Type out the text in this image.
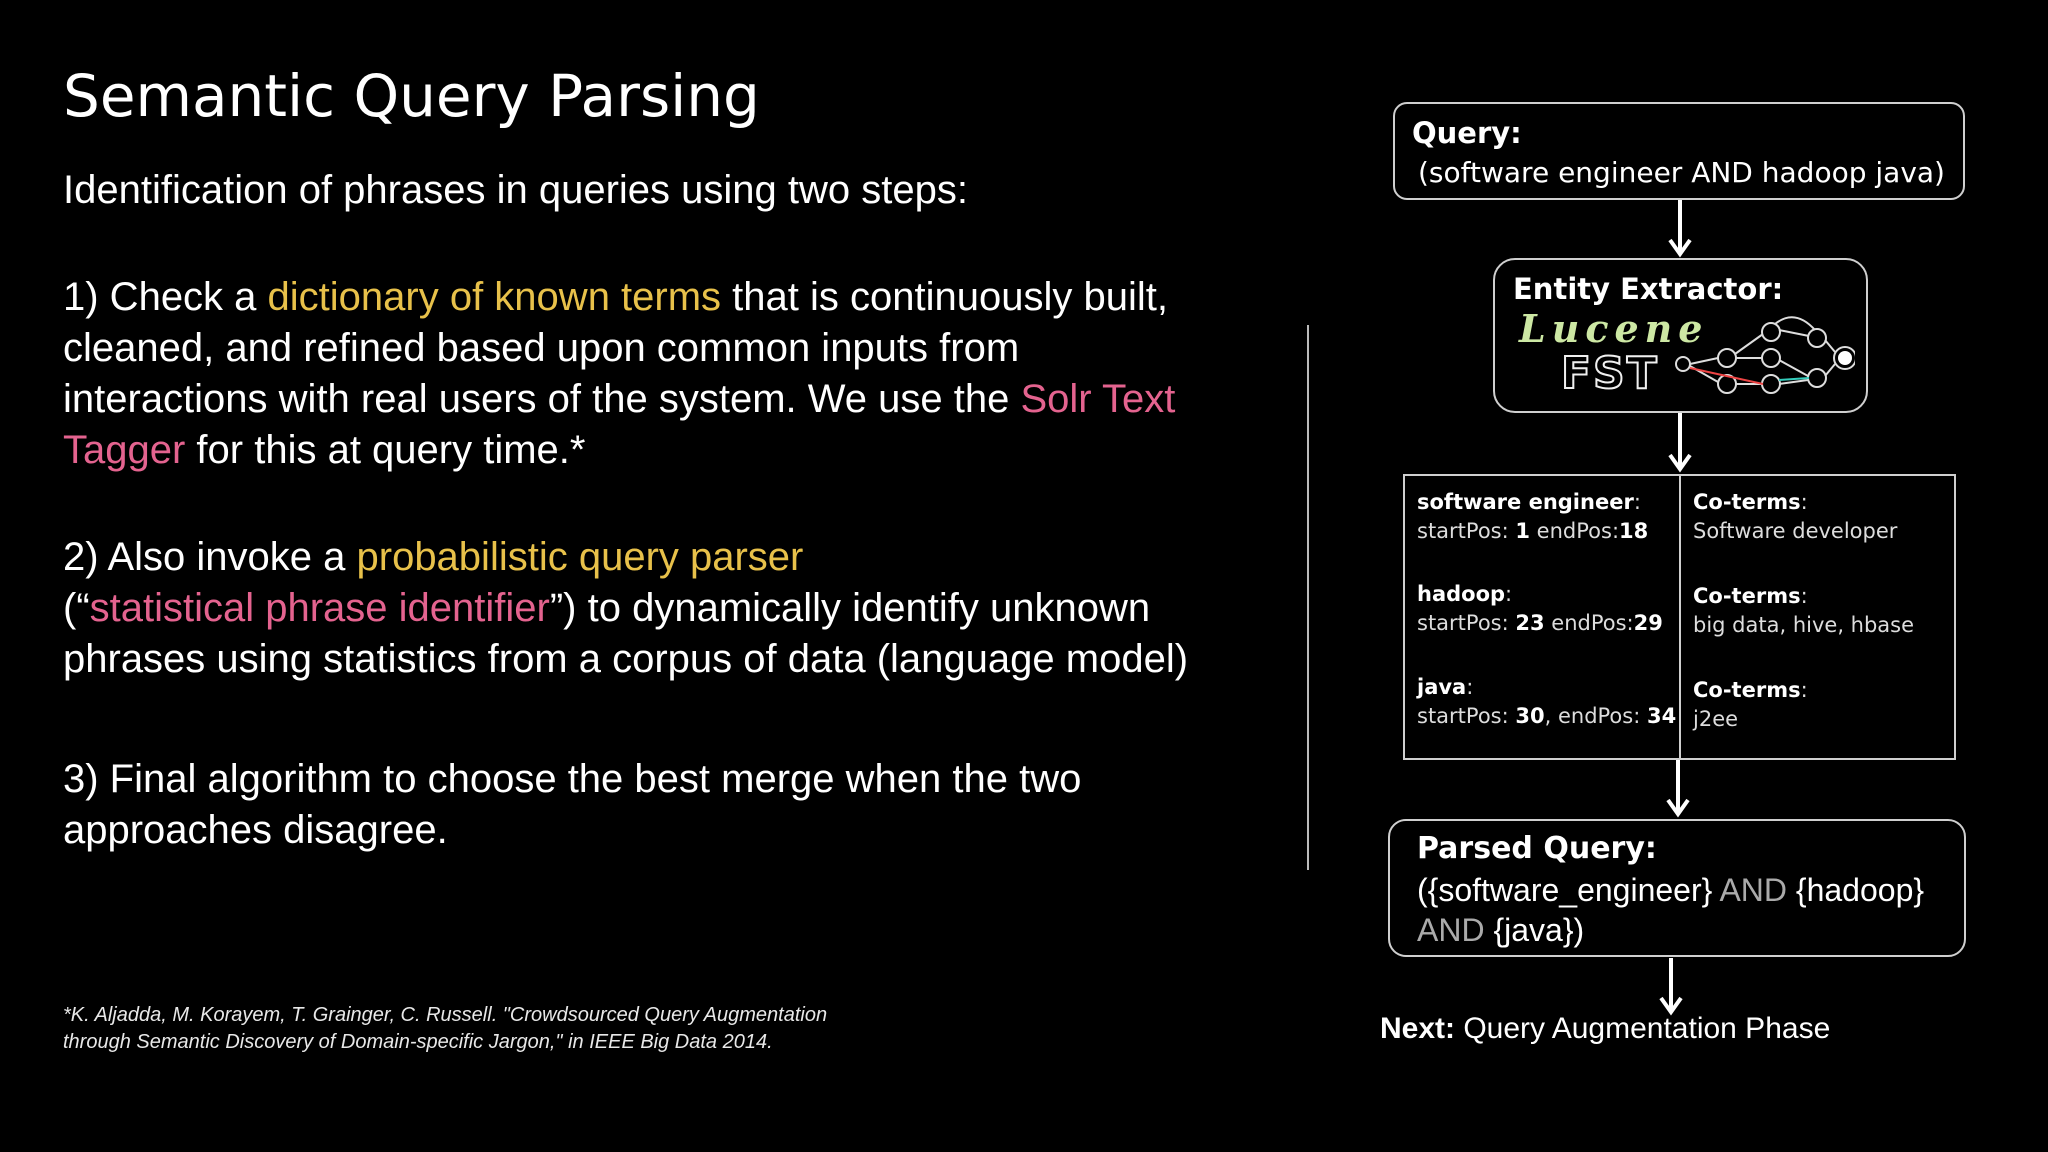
Semantic Query Parsing
Identification of phrases in queries using two steps:

1) Check a dictionary of known terms that is continuously built,

cleaned, and refined based upon common inputs from

interactions with real users of the system. We use the Solr Text

Tagger for this at query time.*

2) Also invoke a probabilistic query parser

(“statistical phrase identifier”) to dynamically identify unknown

phrases using statistics from a corpus of data (language model)

3) Final algorithm to choose the best merge when the two

approaches disagree.

*K. Aljadda, M. Korayem, T. Grainger, C. Russell. "Crowdsourced Query Augmentation

through Semantic Discovery of Domain-specific Jargon," in IEEE Big Data 2014.

Query:
(software engineer AND hadoop java)
Entity Extractor:
Lucene
FST
software engineer:
startPos: 1 endPos:18
hadoop:
startPos: 23 endPos:29
java:
startPos: 30, endPos: 34
Co-terms:
Software developer
Co-terms:
big data, hive, hbase
Co-terms:
j2ee
Parsed Query:
({software_engineer} AND {hadoop}
AND {java})
Next: Query Augmentation Phase
